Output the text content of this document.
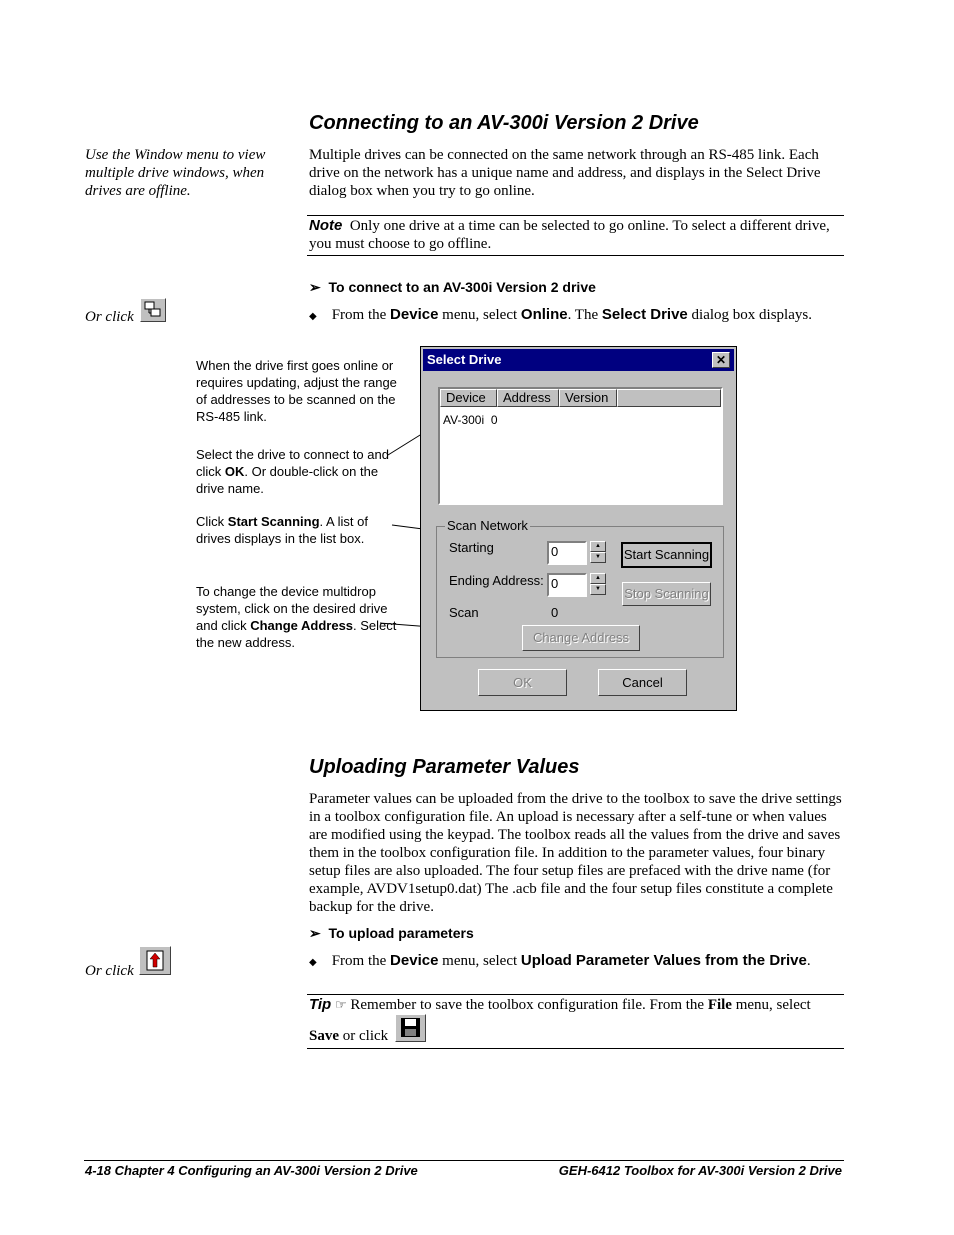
Connecting to an AV-300i Version 2 Drive
Use the Window menu to view multiple drive windows, when drives are offline.
Multiple drives can be connected on the same network through an RS-485 link. Each drive on the network has a unique name and address, and displays in the Select Drive dialog box when you try to go online.
Note Only one drive at a time can be selected to go online. To select a different drive, you must choose to go offline.
➢ To connect to an AV-300i Version 2 drive
Or click	◆ From the Device menu, select Online. The Select Drive dialog box displays.
When the drive first goes online or requires updating, adjust the range of addresses to be scanned on the RS-485 link.
Select the drive to connect to and click OK. Or double-click on the drive name.
Click Start Scanning. A list of drives displays in the list box.
To change the device multidrop system, click on the desired drive and click Change Address. Select the new address.
Select Drive	✕
Device	Address	Version
AV-300i 0
Scan Network
Starting	0	▲
▼
Ending Address: 0	▲
▼
Scan	0
Start Scanning
Stop Scanning
Change Address
OK	Cancel
Uploading Parameter Values
Parameter values can be uploaded from the drive to the toolbox to save the drive settings in a toolbox configuration file. An upload is necessary after a self-tune or when values are modified using the keypad. The toolbox reads all the values from the drive and saves them in the toolbox configuration file. In addition to the parameter values, four binary setup files are also uploaded. The four setup files are prefaced with the drive name (for example, AVDV1setup0.dat) The .acb file and the four setup files constitute a complete backup for the drive.
➢ To upload parameters
Or click
◆ From the Device menu, select Upload Parameter Values from the Drive.
Tip ☞ Remember to save the toolbox configuration file. From the File menu, select
Save or click
4-18 Chapter 4 Configuring an AV-300i Version 2 Drive	GEH-6412 Toolbox for AV-300i Version 2 Drive
